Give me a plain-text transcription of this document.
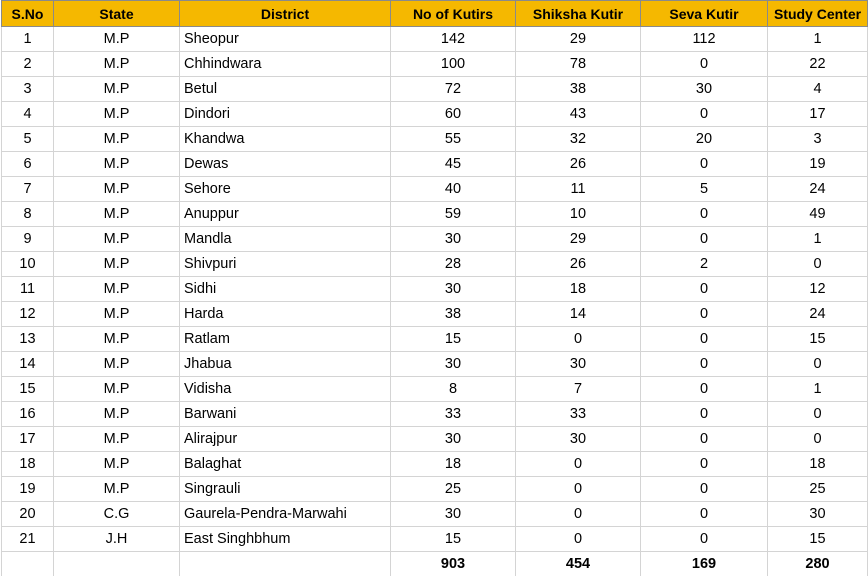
S.No	State	District	No of Kutirs	Shiksha Kutir	Seva Kutir	Study Center
1	M.P	Sheopur	142	29	112	1
2	M.P	Chhindwara	100	78	0	22
3	M.P	Betul	72	38	30	4
4	M.P	Dindori	60	43	0	17
5	M.P	Khandwa	55	32	20	3
6	M.P	Dewas	45	26	0	19
7	M.P	Sehore	40	11	5	24
8	M.P	Anuppur	59	10	0	49
9	M.P	Mandla	30	29	0	1
10	M.P	Shivpuri	28	26	2	0
11	M.P	Sidhi	30	18	0	12
12	M.P	Harda	38	14	0	24
13	M.P	Ratlam	15	0	0	15
14	M.P	Jhabua	30	30	0	0
15	M.P	Vidisha	8	7	0	1
16	M.P	Barwani	33	33	0	0
17	M.P	Alirajpur	30	30	0	0
18	M.P	Balaghat	18	0	0	18
19	M.P	Singrauli	25	0	0	25
20	C.G	Gaurela-Pendra-Marwahi	30	0	0	30
21	J.H	East Singhbhum	15	0	0	15
			903	454	169	280
